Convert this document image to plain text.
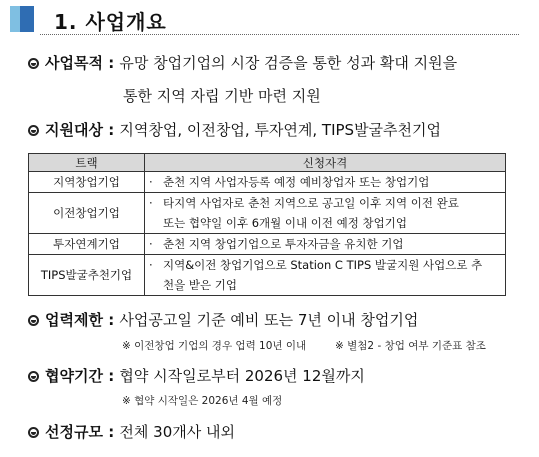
1. 사업개요
사업목적 : 유망 창업기업의 시장 검증을 통한 성과 확대 지원을
통한 지역 자립 기반 마련 지원
지원대상 : 지역창업, 이전창업, 투자연계, TIPS발굴추천기업
트랙	신청자격
지역창업기업	· 춘천 지역 사업자등록 예정 예비창업자 또는 창업기업
이전창업기업	· 타지역 사업자로 춘천 지역으로 공고일 이후 지역 이전 완료
또는 협약일 이후 6개월 이내 이전 예정 창업기업
투자연계기업	· 춘천 지역 창업기업으로 투자자금을 유치한 기업
TIPS발굴추천기업	· 지역&이전 창업기업으로 Station C TIPS 발굴지원 사업으로 추
천을 받은 기업
업력제한 : 사업공고일 기준 예비 또는 7년 이내 창업기업
※ 이전창업 기업의 경우 업력 10년 이내	※ 별첨2 - 창업 여부 기준표 참조
협약기간 : 협약 시작일로부터 2026년 12월까지
※ 협약 시작일은 2026년 4월 예정
선정규모 : 전체 30개사 내외
